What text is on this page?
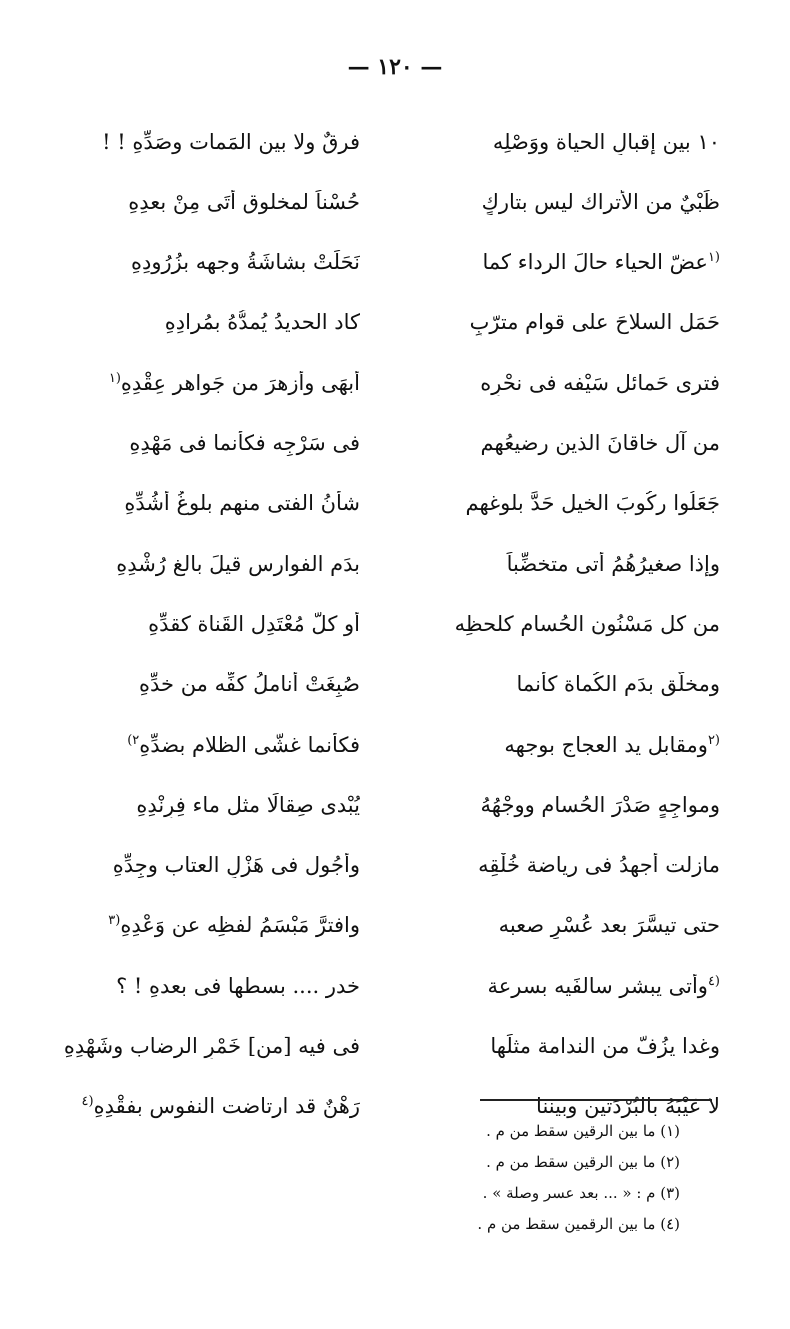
— ١٢٠ —
١٠ بين إقبالِ الحياة ووَصْلِه
فرقٌ ولا بين المَمات وصَدِّهِ ! !
ظَبْيٌ من الأتراك ليس بتاركٍ
حُسْناً لمخلوق أتَى مِنْ بعدِهِ
$^{(١}$عضّ الحياء حالَ الرداء كما
نَحَلَتْ بشاشَةُ وجهه بزُرُودِهِ
حَمَل السلاحَ على قوام مترّبٍ
كاد الحديدُ يُمدُّهُ بمُرادِهِ
فترى حَمائل سَيْفه فى نحْرِه
أبهَى وأزهرَ من جَواهر عِقْدِهِ$^{(١}$
من آل خاقانَ الذين رضيعُهم
فى سَرْجِه فكأنما فى مَهْدِهِ
جَعَلُوا ركُوبَ الخيل حَدَّ بلوغهم
شأنُ الفتى منهم بلوغُ أشُدِّهِ
وإذا صغيرُهُمُ أتى متخضِّباً
بدَمِ الفوارس قيلَ بالغ رُشْدِهِ
من كل مَسْنُون الحُسام كلحظِه
أو كلّ مُعْتَدِل القَناة كقدِّهِ
ومخلّق بدَم الكُماة كأنما
صُبِغَتْ أناملُ كفِّه من خدِّهِ
$^{(٢}$ومقابل يد العجاج بوجهه
فكأنما غشَّى الظلام بضدِّهِ$^{٢)}$
ومواجِهٍ صَدْرَ الحُسام ووجْهُهُ
يُبْدى صِقالًا مثل ماء فِرِنْدِهِ
مازلت أجهدُ فى رياضة خُلْقِه
وأجُول فى هَزْلِ العتاب وجِدِّهِ
حتى تيسَّرَ بعد عُسْرٍ صعبه
وافترَّ مَبْسَمُ لفظِه عن وَعْدِهِ$^{(٣}$
$^{(٤}$وأتى يبشر سالفَيه بسرعة
خدر .... بسطها فى بعدهِ ! ؟
وغدا يزُفّ من الندامة مثلَها
فى فيه [من] خَمْرِ الرضاب وشَهْدِهِ
لا عَيْبَهُ بالبُرْدَتين وبيننا
رَهْنٌ قد ارتاضت النفوس بفقْدِهِ$^{(٤}$
(١) ما بين الرقين سقط من م .
(٢) ما بين الرقين سقط من م .
(٣) م : « ... بعد عسر وصلة » .
(٤) ما بين الرقمين سقط من م .
